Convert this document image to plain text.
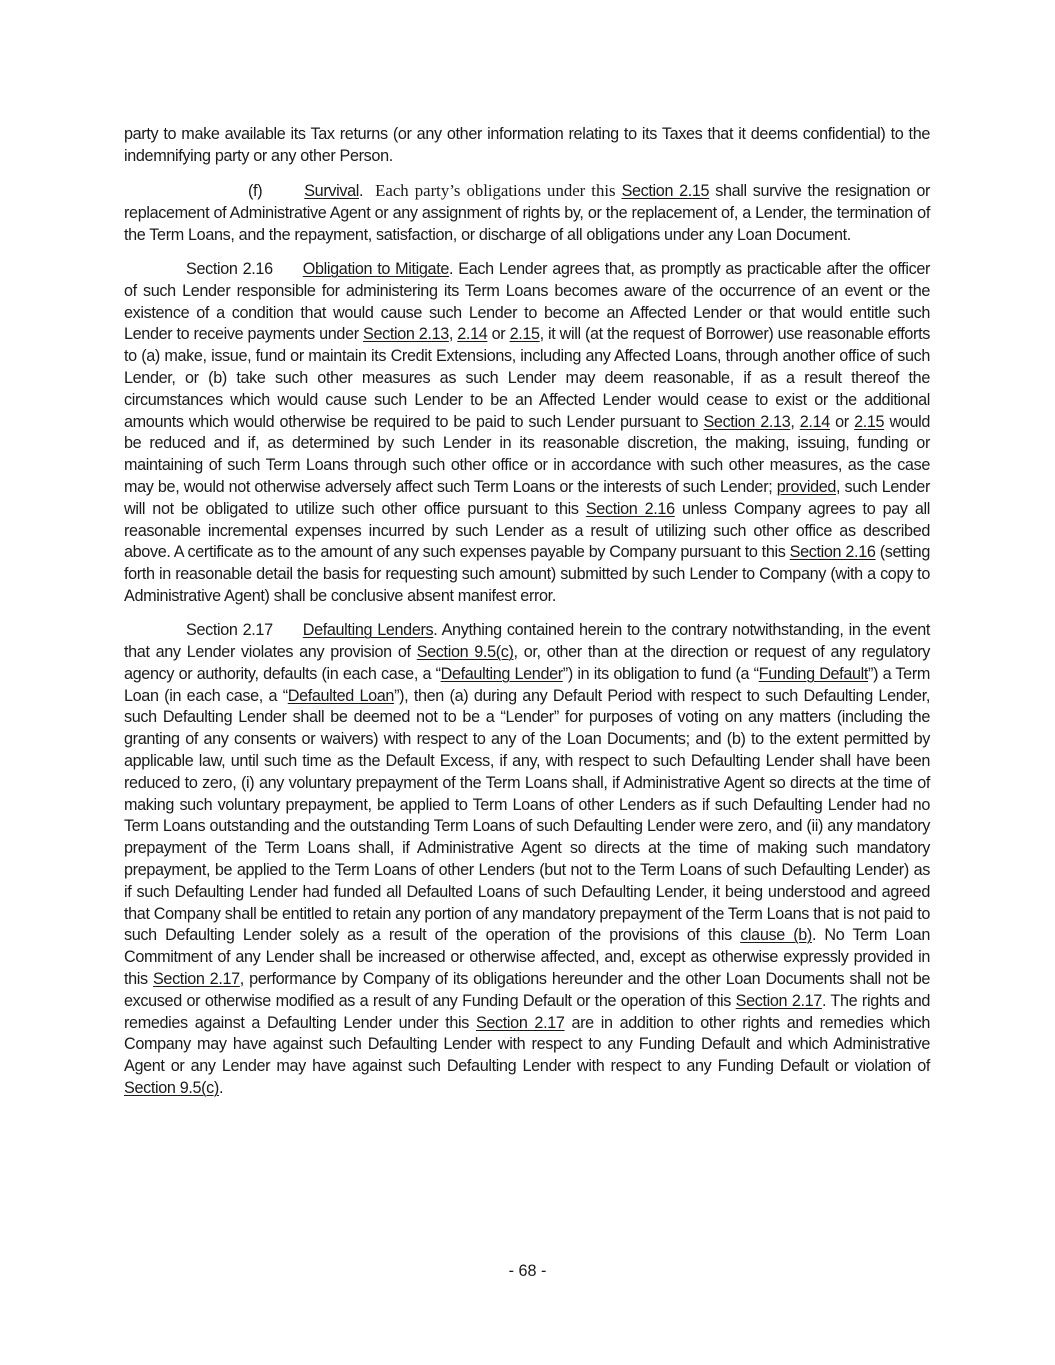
party to make available its Tax returns (or any other information relating to its Taxes that it deems confidential) to the indemnifying party or any other Person.

(f)	Survival. Each party’s obligations under this Section 2.15 shall survive the resignation or replacement of Administrative Agent or any assignment of rights by, or the replacement of, a Lender, the termination of the Term Loans, and the repayment, satisfaction, or discharge of all obligations under any Loan Document.

Section 2.16 Obligation to Mitigate. Each Lender agrees that, as promptly as practicable after the officer of such Lender responsible for administering its Term Loans becomes aware of the occurrence of an event or the existence of a condition that would cause such Lender to become an Affected Lender or that would entitle such Lender to receive payments under Section 2.13, 2.14 or 2.15, it will (at the request of Borrower) use reasonable efforts to (a) make, issue, fund or maintain its Credit Extensions, including any Affected Loans, through another office of such Lender, or (b) take such other measures as such Lender may deem reasonable, if as a result thereof the circumstances which would cause such Lender to be an Affected Lender would cease to exist or the additional amounts which would otherwise be required to be paid to such Lender pursuant to Section 2.13, 2.14 or 2.15 would be reduced and if, as determined by such Lender in its reasonable discretion, the making, issuing, funding or maintaining of such Term Loans through such other office or in accordance with such other measures, as the case may be, would not otherwise adversely affect such Term Loans or the interests of such Lender; provided, such Lender will not be obligated to utilize such other office pursuant to this Section 2.16 unless Company agrees to pay all reasonable incremental expenses incurred by such Lender as a result of utilizing such other office as described above. A certificate as to the amount of any such expenses payable by Company pursuant to this Section 2.16 (setting forth in reasonable detail the basis for requesting such amount) submitted by such Lender to Company (with a copy to Administrative Agent) shall be conclusive absent manifest error.

Section 2.17 Defaulting Lenders. Anything contained herein to the contrary notwithstanding, in the event that any Lender violates any provision of Section 9.5(c), or, other than at the direction or request of any regulatory agency or authority, defaults (in each case, a “Defaulting Lender”) in its obligation to fund (a “Funding Default”) a Term Loan (in each case, a “Defaulted Loan”), then (a) during any Default Period with respect to such Defaulting Lender, such Defaulting Lender shall be deemed not to be a “Lender” for purposes of voting on any matters (including the granting of any consents or waivers) with respect to any of the Loan Documents; and (b) to the extent permitted by applicable law, until such time as the Default Excess, if any, with respect to such Defaulting Lender shall have been reduced to zero, (i) any voluntary prepayment of the Term Loans shall, if Administrative Agent so directs at the time of making such voluntary prepayment, be applied to Term Loans of other Lenders as if such Defaulting Lender had no Term Loans outstanding and the outstanding Term Loans of such Defaulting Lender were zero, and (ii) any mandatory prepayment of the Term Loans shall, if Administrative Agent so directs at the time of making such mandatory prepayment, be applied to the Term Loans of other Lenders (but not to the Term Loans of such Defaulting Lender) as if such Defaulting Lender had funded all Defaulted Loans of such Defaulting Lender, it being understood and agreed that Company shall be entitled to retain any portion of any mandatory prepayment of the Term Loans that is not paid to such Defaulting Lender solely as a result of the operation of the provisions of this clause (b). No Term Loan Commitment of any Lender shall be increased or otherwise affected, and, except as otherwise expressly provided in this Section 2.17, performance by Company of its obligations hereunder and the other Loan Documents shall not be excused or otherwise modified as a result of any Funding Default or the operation of this Section 2.17. The rights and remedies against a Defaulting Lender under this Section 2.17 are in addition to other rights and remedies which Company may have against such Defaulting Lender with respect to any Funding Default and which Administrative Agent or any Lender may have against such Defaulting Lender with respect to any Funding Default or violation of Section 9.5(c).

- 68 -
